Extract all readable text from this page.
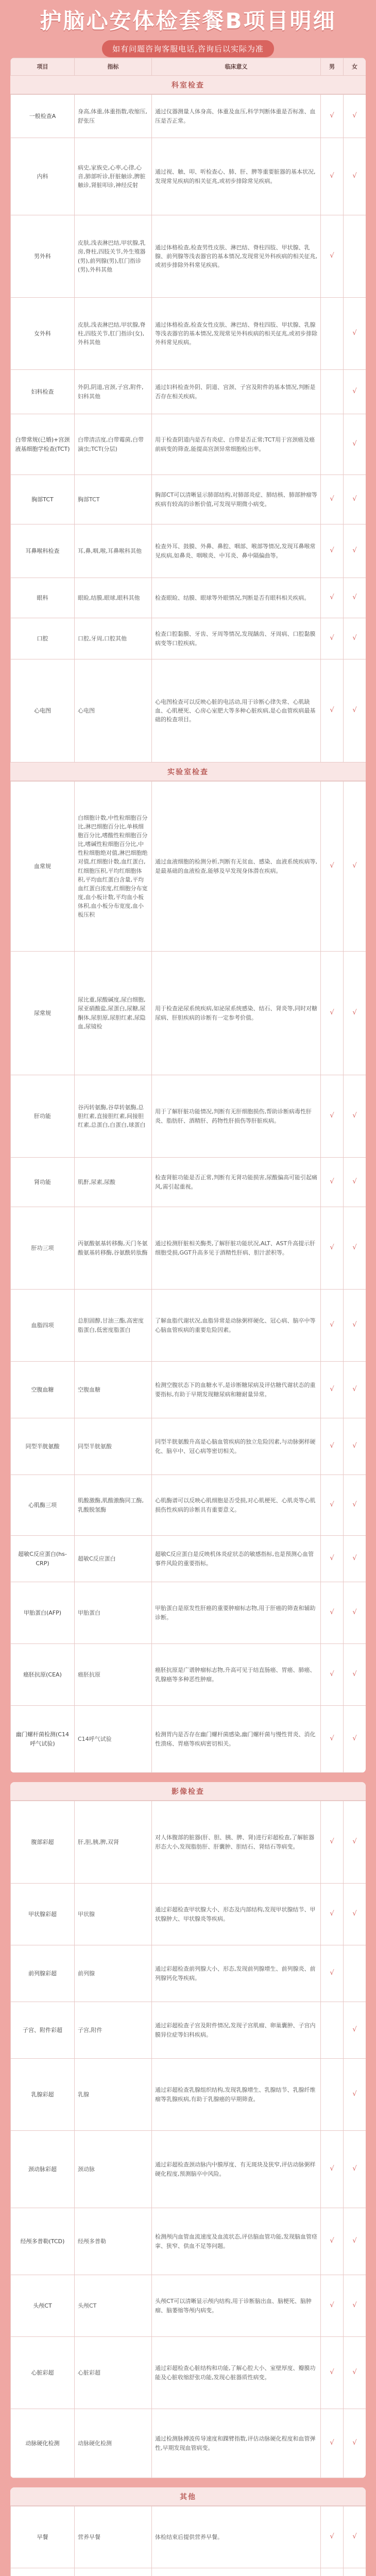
护脑心安体检套餐B项目明细
如有问题咨询客服电话,咨询后以实际为准
项目	指标	临床意义	男	女
科室检查
一般检查A	身高,体重,体重指数,收缩压,舒张压	通过仪器测量人体身高、体重及血压,科学判断体重是否标准、血压是否正常。	√	√
内科	病史,家族史,心率,心律,心音,肺部听诊,肝脏触诊,脾脏触诊,肾脏叩诊,神经反射	通过视、触、叩、听检查心、肺、肝、脾等重要脏器的基本状况,发现常见疾病的相关征兆,或初步排除常见疾病。	√	√
男外科	皮肤,浅表淋巴结,甲状腺,乳房,脊柱,四肢关节,外生殖器(男),前列腺(男),肛门指诊(男),外科其他	通过体格检查,检查男性皮肤、淋巴结、脊柱四肢、甲状腺、乳腺、前列腺等浅表器官的基本情况,发现常见外科疾病的相关征兆,或初步排除外科常见疾病。	√	
女外科	皮肤,浅表淋巴结,甲状腺,脊柱,四肢关节,肛门指诊(女),外科其他	通过体格检查,检查女性皮肤、淋巴结、脊柱四肢、甲状腺、乳腺等浅表器官的基本情况,发现常见外科疾病的相关征兆,或初步排除外科常见疾病。		√
妇科检查	外阴,阴道,宫颈,子宫,附件,妇科其他	通过妇科检查外阴、阴道、宫颈、子宫及附件的基本情况,判断是否存在相关疾病。		√
白带常规(已婚)+宫颈液基细胞学检查(TCT)	白带清洁度,白带霉菌,白带滴虫;TCT(分层)	用于检查阴道内是否有炎症、白带是否正常;TCT用于宫颈癌及癌前病变的筛查,能提高宫颈异常细胞检出率。		√
胸部TCT	胸部TCT	胸部CT可以清晰显示肺部结构,对肺部炎症、肺结核、肺部肿瘤等疾病有较高的诊断价值,可发现早期微小病变。	√	√
耳鼻喉科检查	耳,鼻,咽,喉,耳鼻喉科其他	检查外耳、鼓膜、外鼻、鼻腔、咽部、喉部等情况,发现耳鼻喉常见疾病,如鼻炎、咽喉炎、中耳炎、鼻中隔偏曲等。	√	√
眼科	眼睑,结膜,眼球,眼科其他	检查眼睑、结膜、眼球等外眼情况,判断是否有眼科相关疾病。	√	√
口腔	口腔,牙周,口腔其他	检查口腔黏膜、牙齿、牙周等情况,发现龋齿、牙周病、口腔黏膜病变等口腔疾病。	√	√
心电图	心电图	心电图检查可以反映心脏的电活动,用于诊断心律失常、心肌缺血、心肌梗死、心房心室肥大等多种心脏疾病,是心血管疾病最基础的检查项目。	√	√
实验室检查
血常规	白细胞计数,中性粒细胞百分比,淋巴细胞百分比,单核细胞百分比,嗜酸性粒细胞百分比,嗜碱性粒细胞百分比,中性粒细胞绝对值,淋巴细胞绝对值,红细胞计数,血红蛋白,红细胞压积,平均红细胞体积,平均血红蛋白含量,平均血红蛋白浓度,红细胞分布宽度,血小板计数,平均血小板体积,血小板分布宽度,血小板压积	通过血液细胞的检测分析,判断有无贫血、感染、血液系统疾病等,是最基础的血液检查,能够及早发现身体潜在疾病。	√	√
尿常规	尿比重,尿酸碱度,尿白细胞,尿亚硝酸盐,尿蛋白,尿糖,尿酮体,尿胆原,尿胆红素,尿隐血,尿镜检	用于检查泌尿系统疾病,如泌尿系统感染、结石、肾炎等,同时对糖尿病、肝胆疾病的诊断有一定参考价值。	√	√
肝功能	谷丙转氨酶,谷草转氨酶,总胆红素,直接胆红素,间接胆红素,总蛋白,白蛋白,球蛋白	用于了解肝脏功能情况,判断有无肝细胞损伤,帮助诊断病毒性肝炎、脂肪肝、酒精肝、药物性肝损伤等肝脏疾病。	√	√
肾功能	肌酐,尿素,尿酸	检查肾脏功能是否正常,判断有无肾功能损害,尿酸偏高可能引起痛风,需引起重视。	√	√
肝功三项	丙氨酸氨基转移酶,天门冬氨酸氨基转移酶,谷氨酰转肽酶	通过检测肝脏相关酶类,了解肝脏功能状况,ALT、AST升高提示肝细胞受损,GGT升高多见于酒精性肝病、胆汁淤积等。	√	√
血脂四项	总胆固醇,甘油三酯,高密度脂蛋白,低密度脂蛋白	了解血脂代谢状况,血脂异常是动脉粥样硬化、冠心病、脑卒中等心脑血管疾病的重要危险因素。	√	√
空腹血糖	空腹血糖	检测空腹状态下的血糖水平,是诊断糖尿病及评估糖代谢状态的重要指标,有助于早期发现糖尿病和糖耐量异常。	√	√
同型半胱氨酸	同型半胱氨酸	同型半胱氨酸升高是心脑血管疾病的独立危险因素,与动脉粥样硬化、脑卒中、冠心病等密切相关。	√	√
心肌酶三项	肌酸激酶,肌酸激酶同工酶,乳酸脱氢酶	心肌酶谱可以反映心肌细胞是否受损,对心肌梗死、心肌炎等心肌损伤性疾病的诊断具有重要意义。	√	√
超敏C反应蛋白(hs-CRP)	超敏C反应蛋白	超敏C反应蛋白是反映机体炎症状态的敏感指标,也是预测心血管事件风险的重要指标。	√	√
甲胎蛋白(AFP)	甲胎蛋白	甲胎蛋白是原发性肝癌的重要肿瘤标志物,用于肝癌的筛查和辅助诊断。	√	√
癌胚抗原(CEA)	癌胚抗原	癌胚抗原是广谱肿瘤标志物,升高可见于结直肠癌、胃癌、肺癌、乳腺癌等多种恶性肿瘤。	√	√
幽门螺杆菌检测(C14呼气试验)	C14呼气试验	检测胃内是否存在幽门螺杆菌感染,幽门螺杆菌与慢性胃炎、消化性溃疡、胃癌等疾病密切相关。	√	√
影像检查
腹部彩超	肝,胆,胰,脾,双肾	对人体腹部的脏器(肝、胆、胰、脾、肾)进行彩超检查,了解脏器形态大小,发现脂肪肝、肝囊肿、胆结石、肾结石等病变。	√	√
甲状腺彩超	甲状腺	通过彩超检查甲状腺大小、形态及内部结构,发现甲状腺结节、甲状腺肿大、甲状腺炎等疾病。	√	√
前列腺彩超	前列腺	通过彩超检查前列腺大小、形态,发现前列腺增生、前列腺炎、前列腺钙化等疾病。	√	
子宫、附件彩超	子宫,附件	通过彩超检查子宫及附件情况,发现子宫肌瘤、卵巢囊肿、子宫内膜异位症等妇科疾病。		√
乳腺彩超	乳腺	通过彩超检查乳腺组织结构,发现乳腺增生、乳腺结节、乳腺纤维瘤等乳腺疾病,有助于乳腺癌的早期筛查。		√
颈动脉彩超	颈动脉	通过彩超检查颈动脉内中膜厚度、有无斑块及狭窄,评估动脉粥样硬化程度,预测脑卒中风险。	√	√
经颅多普勒(TCD)	经颅多普勒	检测颅内血管血流速度及血流状态,评估脑血管功能,发现脑血管痉挛、狭窄、供血不足等问题。	√	√
头颅CT	头颅CT	头颅CT可以清晰显示颅内结构,用于诊断脑出血、脑梗死、脑肿瘤、脑萎缩等颅内病变。	√	√
心脏彩超	心脏彩超	通过彩超检查心脏结构和功能,了解心腔大小、室壁厚度、瓣膜功能及心脏收缩舒张功能,发现心脏器质性病变。	√	√
动脉硬化检测	动脉硬化检测	通过检测脉搏波传导速度和踝臂指数,评估动脉硬化程度和血管弹性,早期发现血管病变。	√	√
其他
早餐	营养早餐	体检结束后提供营养早餐。	√	√
